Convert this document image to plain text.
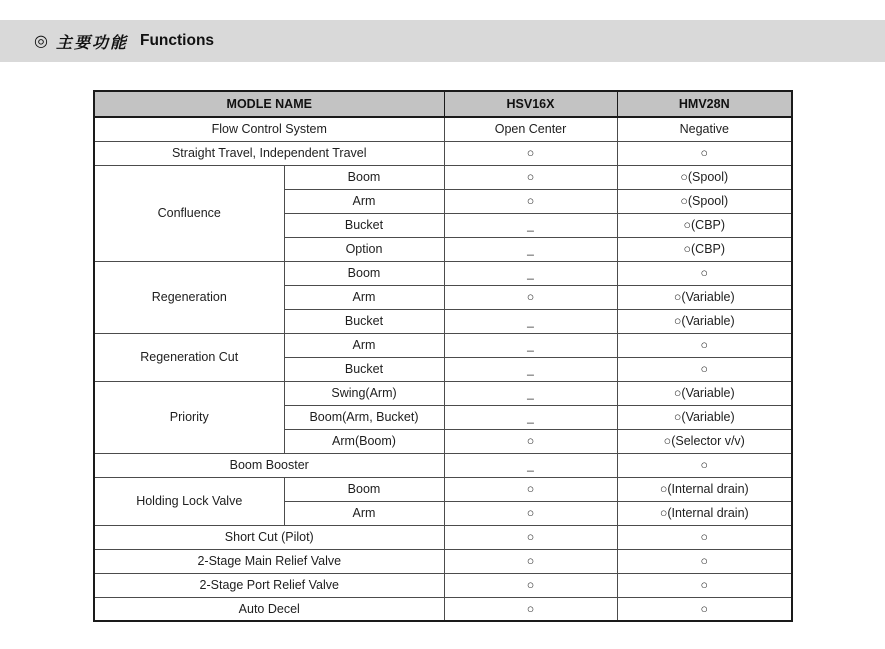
◎ 主要功能 Functions
MODLE NAME		HSV16X	HMV28N
Flow Control System		Open Center	Negative
Straight Travel, Independent Travel		○	○
Confluence	Boom	○	○(Spool)
	Arm	○	○(Spool)
	Bucket	_	○(CBP)
	Option	_	○(CBP)
Regeneration	Boom	_	○
	Arm	○	○(Variable)
	Bucket	_	○(Variable)
Regeneration Cut	Arm	_	○
	Bucket	_	○
Priority	Swing(Arm)	_	○(Variable)
	Boom(Arm, Bucket)	_	○(Variable)
	Arm(Boom)	○	○(Selector v/v)
Boom Booster		_	○
Holding Lock Valve	Boom	○	○(Internal drain)
	Arm	○	○(Internal drain)
Short Cut (Pilot)		○	○
2-Stage Main Relief Valve		○	○
2-Stage Port Relief Valve		○	○
Auto Decel		○	○
